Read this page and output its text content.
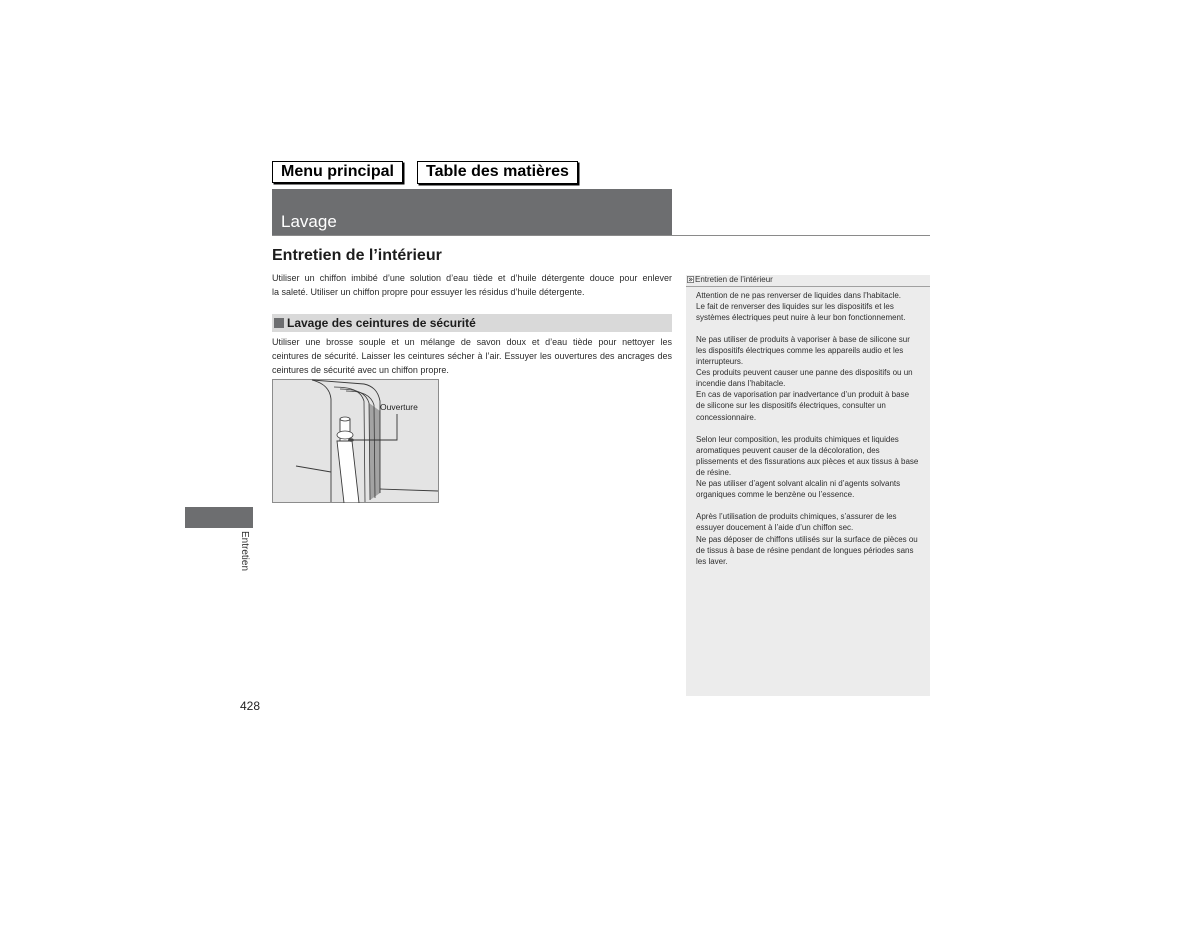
Menu principal	Table des matières
Lavage
Entretien de l’intérieur
Utiliser un chiffon imbibé d’une solution d’eau tiède et d’huile détergente douce pour enlever
la saleté. Utiliser un chiffon propre pour essuyer les résidus d’huile détergente.
Lavage des ceintures de sécurité
Utiliser une brosse souple et un mélange de savon doux et d’eau tiède pour nettoyer les
ceintures de sécurité. Laisser les ceintures sécher à l’air. Essuyer les ouvertures des ancrages des
ceintures de sécurité avec un chiffon propre.
Ouverture
Entretien de l’intérieur
Attention de ne pas renverser de liquides dans l’habitacle.
Le fait de renverser des liquides sur les dispositifs et les
systèmes électriques peut nuire à leur bon fonctionnement.
Ne pas utiliser de produits à vaporiser à base de silicone sur
les dispositifs électriques comme les appareils audio et les
interrupteurs.
Ces produits peuvent causer une panne des dispositifs ou un
incendie dans l’habitacle.
En cas de vaporisation par inadvertance d’un produit à base
de silicone sur les dispositifs électriques, consulter un
concessionnaire.
Selon leur composition, les produits chimiques et liquides
aromatiques peuvent causer de la décoloration, des
plissements et des fissurations aux pièces et aux tissus à base
de résine.
Ne pas utiliser d’agent solvant alcalin ni d’agents solvants
organiques comme le benzène ou l’essence.
Après l’utilisation de produits chimiques, s’assurer de les
essuyer doucement à l’aide d’un chiffon sec.
Ne pas déposer de chiffons utilisés sur la surface de pièces ou
de tissus à base de résine pendant de longues périodes sans
les laver.
Entretien
428
